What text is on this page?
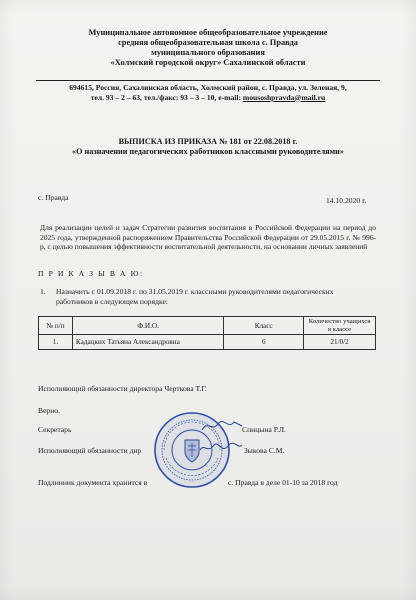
Муниципальное автономное общеобразовательное учреждение
средняя общеобразовательная школа с. Правда
муниципального образования
«Холмский городской округ» Сахалинской области
694615, Россия, Сахалинская область, Холмский район, с. Правда, ул. Зеленая, 9,
тел. 93 – 2 – 63, тел./факс: 93 – 3 – 10, e-mail: mousoshpravda@mail.ru
ВЫПИСКА ИЗ ПРИКАЗА № 181 от 22.08.2018 г.
«О назначении педагогических работников классными руководителями»
с. Правда	14.10.2020 г.
Для реализации целей и задач Стратегии развития воспитания в Российской Федерации на период до 2025 года, утвержденной распоряжением Правительства Российской Федерации от 29.05.2015 г. № 996-р, с целью повышения эффективности воспитательной деятельности, на основании личных заявлений
П Р И К А З Ы В А Ю:
1. Назначить с 01.09.2018 г. по 31.05.2019 г. классными руководителями педагогических
работников в следующем порядке:
№ п/п	Ф.И.О.	Класс	Количество учащихся в классе
1.	Кадацких Татьяна Александровна	6	21/0/2
Исполняющий обязанности директора Черткова Т.Г.
Верно.
Секретарь	Спицына Р.Л.
Исполняющий обязанности дир	Зыкова С.М.
Подлинник документа хранится в	с. Правда в деле 01-10 за 2018 год
